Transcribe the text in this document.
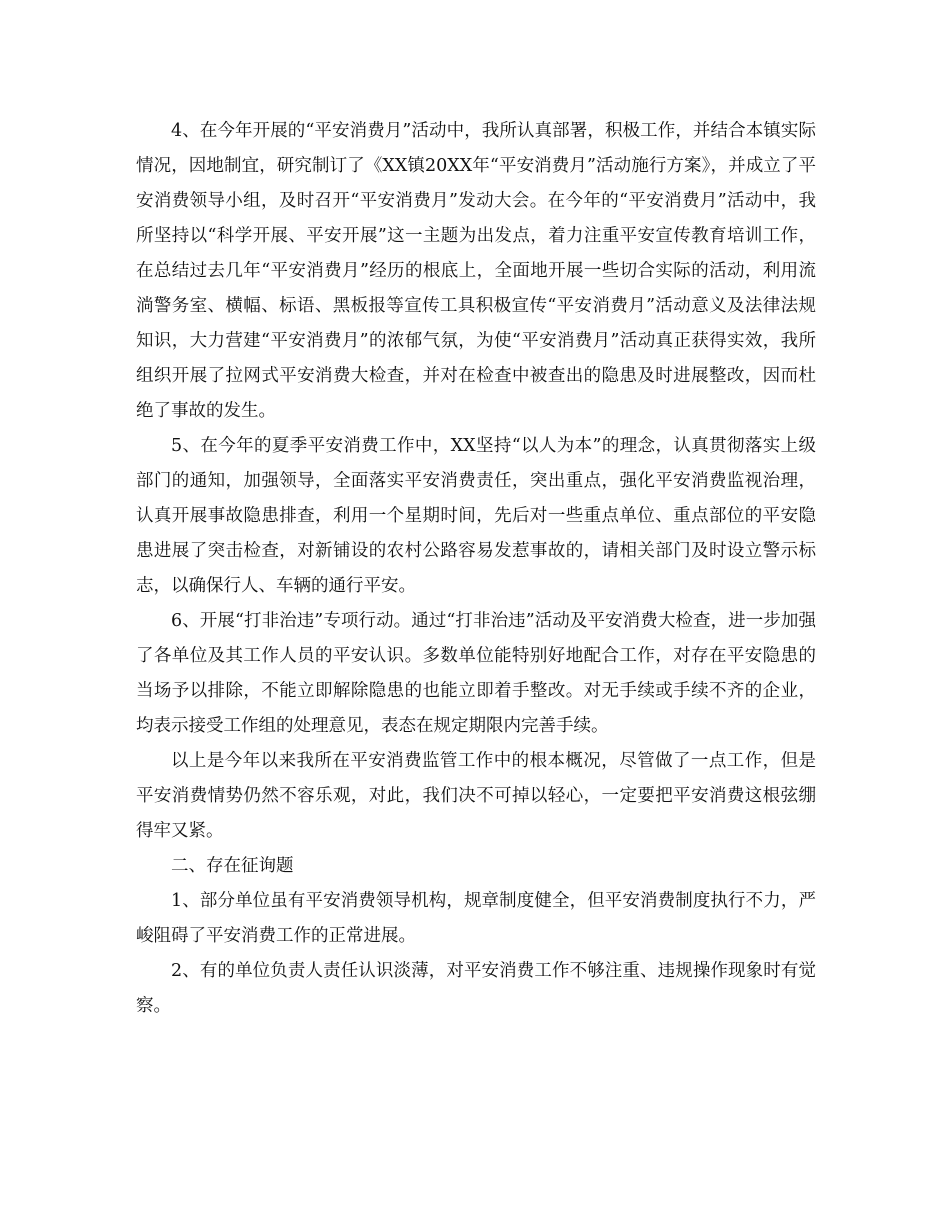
4、在今年开展的“平安消费月”活动中，我所认真部署，积极工作，并结合本镇实际情况，因地制宜，研究制订了《XX镇20XX年“平安消费月”活动施行方案》，并成立了平安消费领导小组，及时召开“平安消费月”发动大会。在今年的“平安消费月”活动中，我所坚持以“科学开展、平安开展”这一主题为出发点，着力注重平安宣传教育培训工作，在总结过去几年“平安消费月”经历的根底上，全面地开展一些切合实际的活动，利用流淌警务室、横幅、标语、黑板报等宣传工具积极宣传“平安消费月”活动意义及法律法规知识，大力营建“平安消费月”的浓郁气氛，为使“平安消费月”活动真正获得实效，我所组织开展了拉网式平安消费大检查，并对在检查中被查出的隐患及时进展整改，因而杜绝了事故的发生。

5、在今年的夏季平安消费工作中，XX坚持“以人为本”的理念，认真贯彻落实上级部门的通知，加强领导，全面落实平安消费责任，突出重点，强化平安消费监视治理，认真开展事故隐患排查，利用一个星期时间，先后对一些重点单位、重点部位的平安隐患进展了突击检查，对新铺设的农村公路容易发惹事故的，请相关部门及时设立警示标志，以确保行人、车辆的通行平安。

6、开展“打非治违”专项行动。通过“打非治违”活动及平安消费大检查，进一步加强了各单位及其工作人员的平安认识。多数单位能特别好地配合工作，对存在平安隐患的当场予以排除，不能立即解除隐患的也能立即着手整改。对无手续或手续不齐的企业，均表示接受工作组的处理意见，表态在规定期限内完善手续。

以上是今年以来我所在平安消费监管工作中的根本概况，尽管做了一点工作，但是平安消费情势仍然不容乐观，对此，我们决不可掉以轻心，一定要把平安消费这根弦绷得牢又紧。

二、存在征询题

1、部分单位虽有平安消费领导机构，规章制度健全，但平安消费制度执行不力，严峻阻碍了平安消费工作的正常进展。

2、有的单位负责人责任认识淡薄，对平安消费工作不够注重、违规操作现象时有觉察。
